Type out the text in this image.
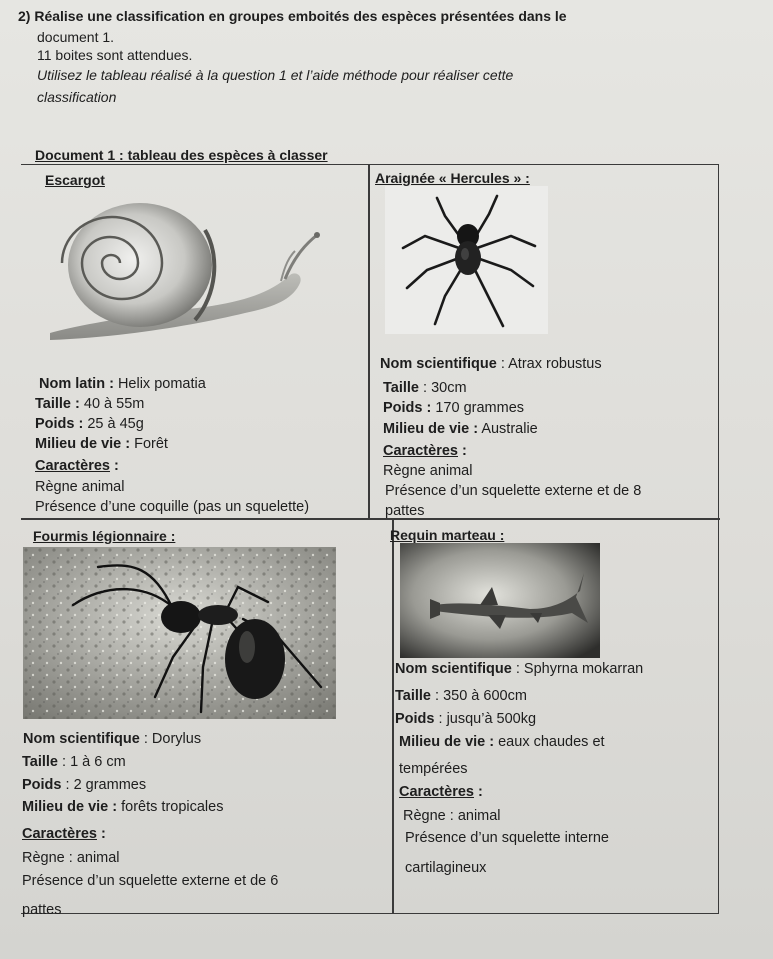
2) Réalise une classification en groupes emboités des espèces présentées dans le
document 1.
11 boites sont attendues.
Utilisez le tableau réalisé à la question 1 et l’aide méthode pour réaliser cette
classification
Document 1 : tableau des espèces à classer
Escargot
Nom latin : Helix pomatia
Taille : 40 à 55m
Poids : 25 à 45g
Milieu de vie : Forêt
Caractères :
Règne animal
Présence d’une coquille (pas un squelette)
Araignée « Hercules » :
Nom scientifique : Atrax robustus
Taille : 30cm
Poids : 170 grammes
Milieu de vie : Australie
Caractères :
Règne animal
Présence d’un squelette externe et de 8
pattes
Fourmis légionnaire :
Nom scientifique : Dorylus
Taille : 1 à 6 cm
Poids : 2 grammes
Milieu de vie : forêts tropicales
Caractères :
Règne : animal
Présence d’un squelette externe et de 6
pattes
Requin marteau :
Nom scientifique : Sphyrna mokarran
Taille : 350 à 600cm
Poids : jusqu’à 500kg
Milieu de vie : eaux chaudes et
tempérées
Caractères :
Règne : animal
Présence d’un squelette interne
cartilagineux
